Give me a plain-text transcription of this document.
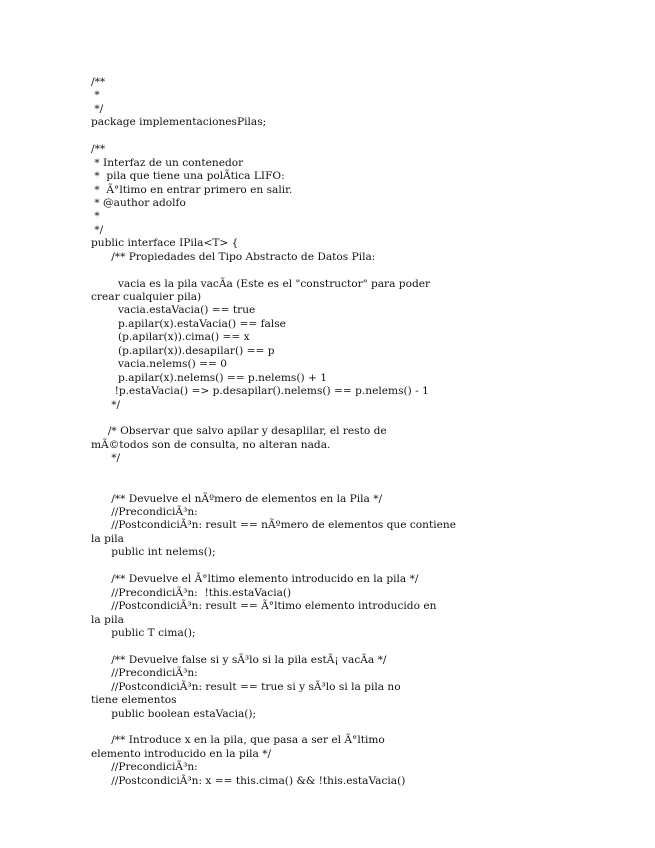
/**
*
*/
package implementacionesPilas;
/**
* Interfaz de un contenedor
*  pila que tiene una polÃtica LIFO:
*  Ã°ltimo en entrar primero en salir.
* @author adolfo
*
*/
public interface IPila<T> {
/** Propiedades del Tipo Abstracto de Datos Pila:
vacia es la pila vacÃa (Este es el "constructor" para poder
crear cualquier pila)
vacia.estaVacia() == true
p.apilar(x).estaVacia() == false
(p.apilar(x)).cima() == x
(p.apilar(x)).desapilar() == p
vacia.nelems() == 0
p.apilar(x).nelems() == p.nelems() + 1
!p.estaVacia() => p.desapilar().nelems() == p.nelems() - 1
*/
/* Observar que salvo apilar y desaplilar, el resto de
mÃ©todos son de consulta, no alteran nada.
*/
/** Devuelve el nÃºmero de elementos en la Pila */
//PrecondiciÃ³n:
//PostcondiciÃ³n: result == nÃºmero de elementos que contiene
la pila
public int nelems();
/** Devuelve el Ã°ltimo elemento introducido en la pila */
//PrecondiciÃ³n:  !this.estaVacia()
//PostcondiciÃ³n: result == Ã°ltimo elemento introducido en
la pila
public T cima();
/** Devuelve false si y sÃ³lo si la pila estÃ¡ vacÃa */
//PrecondiciÃ³n:
//PostcondiciÃ³n: result == true si y sÃ³lo si la pila no
tiene elementos
public boolean estaVacia();
/** Introduce x en la pila, que pasa a ser el Ã°ltimo
elemento introducido en la pila */
//PrecondiciÃ³n:
//PostcondiciÃ³n: x == this.cima() && !this.estaVacia()
